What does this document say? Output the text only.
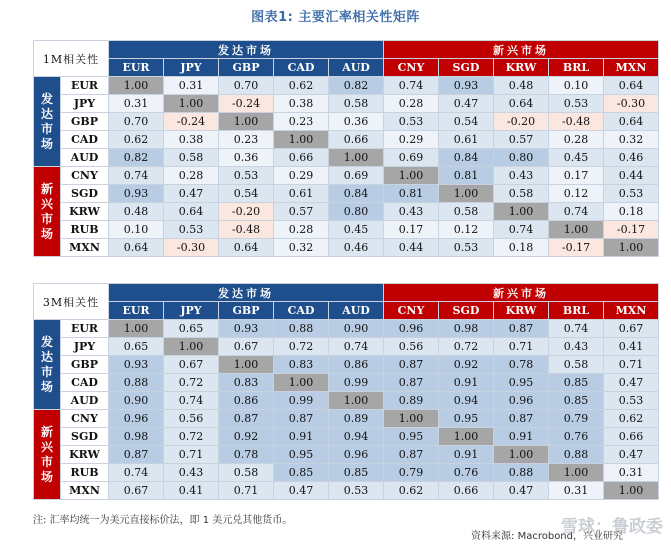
图表1: 主要汇率相关性矩阵
1M相关性		发达市场					新兴市场				
		EUR	JPY	GBP	CAD	AUD	CNY	SGD	KRW	BRL	MXN

发
达
市
场	EUR	1.00	0.31	0.70	0.62	0.82	0.74	0.93	0.48	0.10	0.64
	JPY	0.31	1.00	-0.24	0.38	0.58	0.28	0.47	0.64	0.53	-0.30
	GBP	0.70	-0.24	1.00	0.23	0.36	0.53	0.54	-0.20	-0.48	0.64
	CAD	0.62	0.38	0.23	1.00	0.66	0.29	0.61	0.57	0.28	0.32
	AUD	0.82	0.58	0.36	0.66	1.00	0.69	0.84	0.80	0.45	0.46

新
兴
市
场	CNY	0.74	0.28	0.53	0.29	0.69	1.00	0.81	0.43	0.17	0.44
	SGD	0.93	0.47	0.54	0.61	0.84	0.81	1.00	0.58	0.12	0.53
	KRW	0.48	0.64	-0.20	0.57	0.80	0.43	0.58	1.00	0.74	0.18
	RUB	0.10	0.53	-0.48	0.28	0.45	0.17	0.12	0.74	1.00	-0.17
	MXN	0.64	-0.30	0.64	0.32	0.46	0.44	0.53	0.18	-0.17	1.00
3M相关性		发达市场					新兴市场				
		EUR	JPY	GBP	CAD	AUD	CNY	SGD	KRW	BRL	MXN

发
达
市
场	EUR	1.00	0.65	0.93	0.88	0.90	0.96	0.98	0.87	0.74	0.67
	JPY	0.65	1.00	0.67	0.72	0.74	0.56	0.72	0.71	0.43	0.41
	GBP	0.93	0.67	1.00	0.83	0.86	0.87	0.92	0.78	0.58	0.71
	CAD	0.88	0.72	0.83	1.00	0.99	0.87	0.91	0.95	0.85	0.47
	AUD	0.90	0.74	0.86	0.99	1.00	0.89	0.94	0.96	0.85	0.53

新
兴
市
场	CNY	0.96	0.56	0.87	0.87	0.89	1.00	0.95	0.87	0.79	0.62
	SGD	0.98	0.72	0.92	0.91	0.94	0.95	1.00	0.91	0.76	0.66
	KRW	0.87	0.71	0.78	0.95	0.96	0.87	0.91	1.00	0.88	0.47
	RUB	0.74	0.43	0.58	0.85	0.85	0.79	0.76	0.88	1.00	0.31
	MXN	0.67	0.41	0.71	0.47	0.53	0.62	0.66	0.47	0.31	1.00
注: 汇率均统一为美元直接标价法，即 1 美元兑其他货币。
资料来源: Macrobond，兴业研究
雪球：鲁政委
